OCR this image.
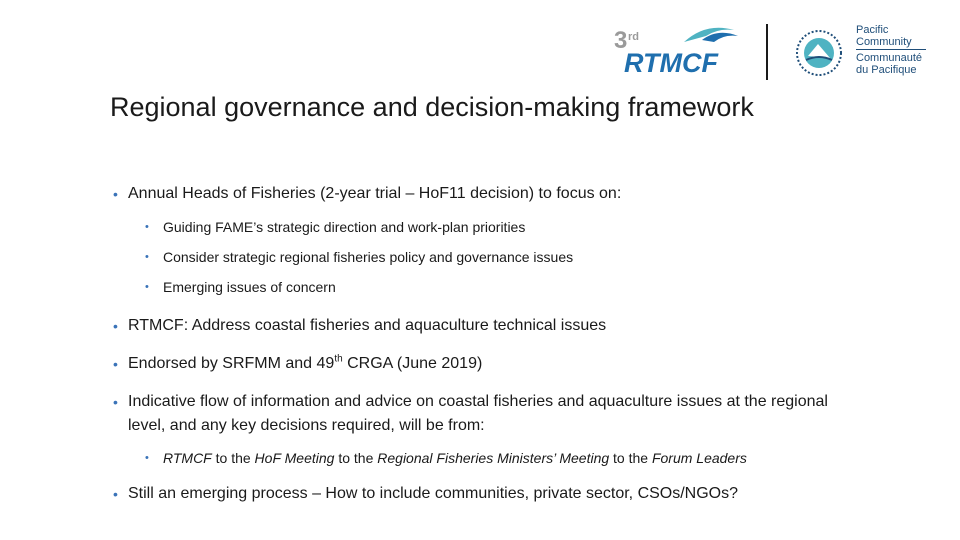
3 rd
RTMCF
Pacific
Community
Communauté
du Pacifique
Regional governance and decision-making framework
• Annual Heads of Fisheries (2-year trial – HoF11 decision) to focus on:
• Guiding FAME’s strategic direction and work-plan priorities
• Consider strategic regional fisheries policy and governance issues
• Emerging issues of concern
• RTMCF: Address coastal fisheries and aquaculture technical issues
• Endorsed by SRFMM and 49th CRGA (June 2019)
• Indicative flow of information and advice on coastal fisheries and aquaculture issues at the regional level, and any key decisions required, will be from:
• RTMCF to the HoF Meeting to the Regional Fisheries Ministers’ Meeting to the Forum Leaders
• Still an emerging process – How to include communities, private sector, CSOs/NGOs?
